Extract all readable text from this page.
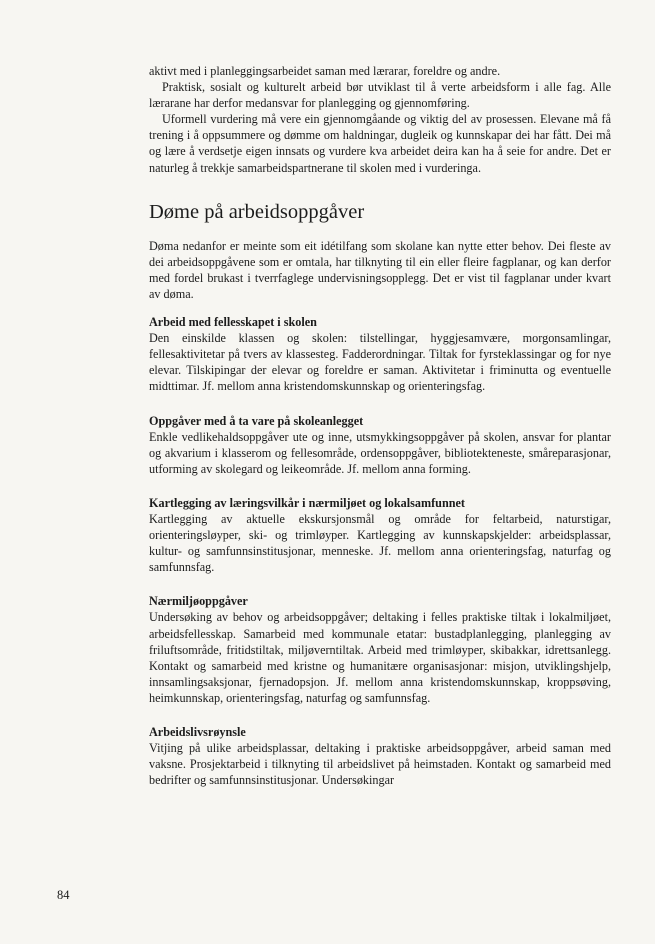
aktivt med i planleggingsarbeidet saman med lærarar, foreldre og andre.

Praktisk, sosialt og kulturelt arbeid bør utviklast til å verte arbeidsform i alle fag. Alle lærarane har derfor medansvar for planlegging og gjennomføring.

Uformell vurdering må vere ein gjennomgåande og viktig del av prosessen. Elevane må få trening i å oppsummere og dømme om haldningar, dugleik og kunnskapar dei har fått. Dei må og lære å verdsetje eigen innsats og vurdere kva arbeidet deira kan ha å seie for andre. Det er naturleg å trekkje samarbeidspartnerane til skolen med i vurderinga.

Døme på arbeidsoppgåver

Døma nedanfor er meinte som eit idétilfang som skolane kan nytte etter behov. Dei fleste av dei arbeidsoppgåvene som er omtala, har tilknyting til ein eller fleire fagplanar, og kan derfor med fordel brukast i tverrfaglege undervisningsopplegg. Det er vist til fagplanar under kvart av døma.

Arbeid med fellesskapet i skolen

Den einskilde klassen og skolen: tilstellingar, hyggjesamvære, morgonsamlingar, fellesaktivitetar på tvers av klassesteg. Fadderordningar. Tiltak for fyrsteklassingar og for nye elevar. Tilskipingar der elevar og foreldre er saman. Aktivitetar i friminutta og eventuelle midttimar. Jf. mellom anna kristendomskunnskap og orienteringsfag.

Oppgåver med å ta vare på skoleanlegget

Enkle vedlikehaldsoppgåver ute og inne, utsmykkingsoppgåver på skolen, ansvar for plantar og akvarium i klasserom og fellesområde, ordensoppgåver, bibliotekteneste, småreparasjonar, utforming av skolegard og leikeområde. Jf. mellom anna forming.

Kartlegging av læringsvilkår i nærmiljøet og lokalsamfunnet

Kartlegging av aktuelle ekskursjonsmål og område for feltarbeid, naturstigar, orienteringsløyper, ski- og trimløyper. Kartlegging av kunnskapskjelder: arbeidsplassar, kultur- og samfunnsinstitusjonar, menneske. Jf. mellom anna orienteringsfag, naturfag og samfunnsfag.

Nærmiljøoppgåver

Undersøking av behov og arbeidsoppgåver; deltaking i felles praktiske tiltak i lokalmiljøet, arbeidsfellesskap. Samarbeid med kommunale etatar: bustadplanlegging, planlegging av friluftsområde, fritidstiltak, miljøverntiltak. Arbeid med trimløyper, skibakkar, idrettsanlegg. Kontakt og samarbeid med kristne og humanitære organisasjonar: misjon, utviklingshjelp, innsamlingsaksjonar, fjernadopsjon. Jf. mellom anna kristendomskunnskap, kroppsøving, heimkunnskap, orienteringsfag, naturfag og samfunnsfag.

Arbeidslivsrøynsle

Vitjing på ulike arbeidsplassar, deltaking i praktiske arbeidsoppgåver, arbeid saman med vaksne. Prosjektarbeid i tilknyting til arbeidslivet på heimstaden. Kontakt og samarbeid med bedrifter og samfunnsinstitusjonar. Undersøkingar

84
